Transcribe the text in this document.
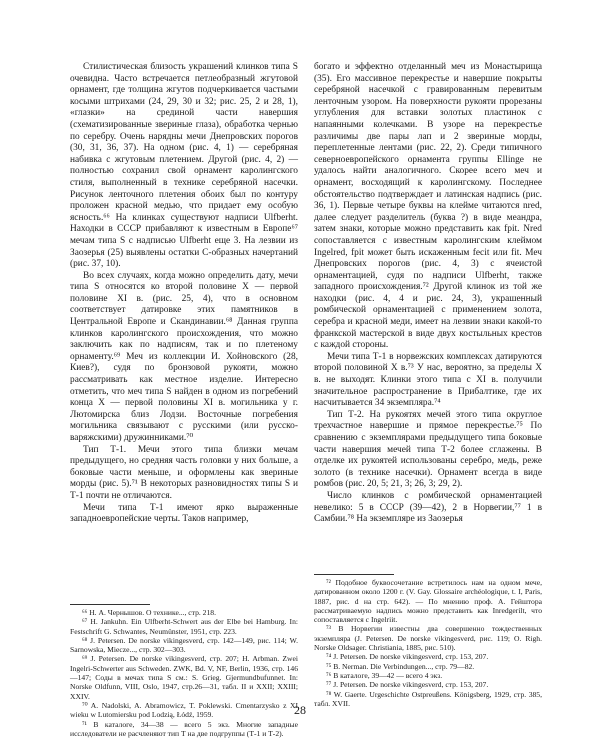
Стилистическая близость украшений клинков типа S очевидна. Часто встречается петлеобразный жгутовой орнамент, где толщина жгутов подчеркивается частыми косыми штрихами (24, 29, 30 и 32; рис. 25, 2 и 28, 1), «глазки» на срединой части навершия (схематизированные звериные глаза), обработка чернью по серебру. Очень нарядны мечи Днепровских порогов (30, 31, 36, 37). На одном (рис. 4, 1) — серебряная набивка с жгутовым плетением. Другой (рис. 4, 2) — полностью сохранил свой орнамент каролингского стиля, выполненный в технике серебряной насечки. Рисунок ленточного плетения обоих был по контуру проложен красной медью, что придает ему особую ясность.⁶⁶ На клинках существуют надписи Ulfberht. Находки в СССР прибавляют к известным в Европе⁶⁷ мечам типа S с надписью Ulfberht еще 3. На лезвии из Заозерья (25) выявлены остатки С-образных начертаний (рис. 37, 10).

Во всех случаях, когда можно определить дату, мечи типа S относятся ко второй половине X — первой половине XI в. (рис. 25, 4), что в основном соответствует датировке этих памятников в Центральной Европе и Скандинавии.⁶⁸ Данная группа клинков каролингского происхождения, что можно заключить как по надписям, так и по плетеному орнаменту.⁶⁹ Меч из коллекции И. Хойновского (28, Киев?), судя по бронзовой рукояти, можно рассматривать как местное изделие. Интересно отметить, что меч типа S найден в одном из погребений конца X — первой половины XI в. могильника у г. Лютомирска близ Лодзи. Восточные погребения могильника связывают с русскими (или русско-варяжскими) дружинниками.⁷⁰

Тип Т-1. Мечи этого типа близки мечам предыдущего, но средняя часть головки у них больше, а боковые части меньше, и оформлены как звериные морды (рис. 5).⁷¹ В некоторых разновидностях типы S и Т-1 почти не отличаются.

Мечи типа Т-1 имеют ярко выраженные западноевропейские черты. Таков например,

богато и эффектно отделанный меч из Монастырища (35). Его массивное перекрестье и навершие покрыты серебряной насечкой с гравированным перевитым ленточным узором. На поверхности рукояти прорезаны углубления для вставки золотых пластинок с напаянными колечками. В узоре на перекрестье различимы две пары лап и 2 звериные морды, переплетенные лентами (рис. 22, 2). Среди типичного северноевропейского орнамента группы Ellinge не удалось найти аналогичного. Скорее всего меч и орнамент, восходящий к каролингскому. Последнее обстоятельство подтверждает и латинская надпись (рис. 36, 1). Первые четыре буквы на клейме читаются nred, далее следует разделитель (буква ?) в виде меандра, затем знаки, которые можно представить как fpit. Nred сопоставляется с известным каролингским клеймом Ingelred, fpit может быть искаженным fecit или fit. Меч Днепровских порогов (рис. 4, 3) с ячеистой орнаментацией, судя по надписи Ulfberht, также западного происхождения.⁷² Другой клинок из той же находки (рис. 4, 4 и рис. 24, 3), украшенный ромбической орнаментацией с применением золота, серебра и красной меди, имеет на лезвии знаки какой-то франкской мастерской в виде двух костыльных крестов с каждой стороны.

Мечи типа Т-1 в норвежских комплексах датируются второй половиной X в.⁷³ У нас, вероятно, за пределы X в. не выходят. Клинки этого типа с XI в. получили значительное распространение в Прибалтике, где их насчитывается 34 экземпляра.⁷⁴

Тип Т-2. На рукоятях мечей этого типа округлое трехчастное навершие и прямое перекрестье.⁷⁵ По сравнению с экземплярами предыдущего типа боковые части навершия мечей типа Т-2 более сглажены. В отделке их рукоятей использованы серебро, медь, реже золото (в технике насечки). Орнамент всегда в виде ромбов (рис. 20, 5; 21, 3; 26, 3; 29, 2).

Число клинков с ромбической орнаментацией невелико: 5 в СССР (39—42), 2 в Норвегии,⁷⁷ 1 в Самбии.⁷⁸ На экземпляре из Заозерья

⁶⁶ Н. А. Чернышов. О технике..., стр. 218.

⁶⁷ Н. Jankuhn. Ein Ulfberht-Schwert aus der Elbe bei Hamburg. In: Festschrift G. Schwantes, Neumünster, 1951, стр. 223.

⁶⁸ J. Petersen. De norske vikingesverd, стр. 142—149, рис. 114; W. Sarnowska, Miecze..., стр. 302—303.

⁶⁹ J. Petersen. De norske vikingesverd, стр. 207; H. Arbman. Zwei Ingelri-Schwerter aus Schweden. ZWK, Bd. V, NF, Berlin, 1936, стр. 146—147; Соды в мечах типа S см.: S. Grieg. Gjermundbufunnet. In: Norske Oldfunn, VIII, Oslo, 1947, стр.26—31, табл. II и XXII; XXIII; XXIV.

⁷⁰ A. Nadolski, A. Abramowicz, T. Poklewski. Cmentarzysko z XI wieku w Lutomiersku pod Lodzią, Łódź, 1959.

⁷¹ В каталоге, 34—38 — всего 5 экз. Многие западные исследователи не расчленяют тип Т на две подгруппы (Т-1 и Т-2).

⁷² Подобное буквосочетание встретилось нам на одном мече, датированном около 1200 г. (V. Gay. Glossaire archéologique, t. I, Paris, 1887, рис. d на стр. 642). — По мнению проф. А. Гейштора рассматриваемую надпись можно представить как Inredgerilt, что сопоставляется с Ingelriit.

⁷³ В Норвегии известны два совершенно тождественных экземпляра (J. Petersen. De norske vikingesverd, рис. 119; O. Righ. Norske Oldsager. Christiania, 1885, рис. 510).

⁷⁴ J. Petersen. De norske vikingesverd, стр. 153, 207.

⁷⁵ B. Nerman. Die Verbindungen..., стр. 79—82.

⁷⁶ В каталоге, 39—42 — всего 4 экз.

⁷⁷ J. Petersen. De norske vikingesverd, стр. 153, 207.

⁷⁸ W. Gaerte. Urgeschichte Ostpreußens. Königsberg, 1929, стр. 385, табл. XVII.

28
